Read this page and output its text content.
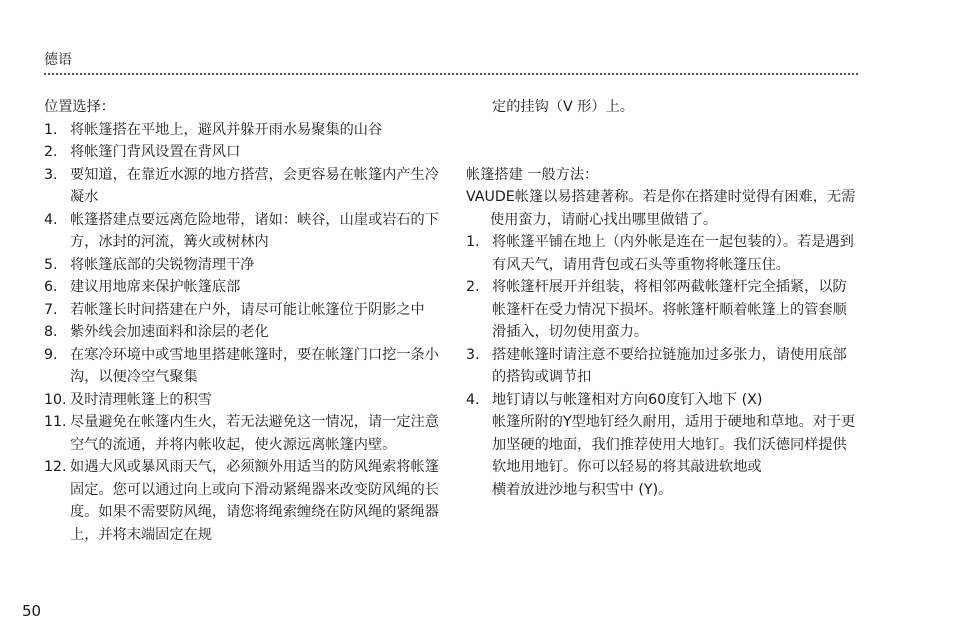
德语

位置选择：

1. 将帐篷搭在平地上，避风并躲开雨水易聚集的山谷
2. 将帐篷门背风设置在背风口
3. 要知道，在靠近水源的地方搭营，会更容易在帐篷内产生冷凝水
4. 帐篷搭建点要远离危险地带，诸如：峡谷，山崖或岩石的下方，冰封的河流，篝火或树林内
5. 将帐篷底部的尖锐物清理干净
6. 建议用地席来保护帐篷底部
7. 若帐篷长时间搭建在户外，请尽可能让帐篷位于阴影之中
8. 紫外线会加速面料和涂层的老化
9. 在寒冷环境中或雪地里搭建帐篷时，要在帐篷门口挖一条小沟，以便冷空气聚集
10. 及时清理帐篷上的积雪
11. 尽量避免在帐篷内生火，若无法避免这一情况，请一定注意空气的流通，并将内帐收起，使火源远离帐篷内壁。
12. 如遇大风或暴风雨天气，必须额外用适当的防风绳索将帐篷固定。您可以通过向上或向下滑动紧绳器来改变防风绳的长度。如果不需要防风绳，请您将绳索缠绕在防风绳的紧绳器上，并将末端固定在规

定的挂钩（V 形）上。

帐篷搭建 一般方法：

VAUDE帐篷以易搭建著称。若是你在搭建时觉得有困难，无需使用蛮力，请耐心找出哪里做错了。

1. 将帐篷平铺在地上（内外帐是连在一起包装的）。若是遇到有风天气，请用背包或石头等重物将帐篷压住。
2. 将帐篷杆展开并组装，将相邻两截帐篷杆完全插紧，以防帐篷杆在受力情况下损坏。将帐篷杆顺着帐篷上的管套顺滑插入，切勿使用蛮力。
3. 搭建帐篷时请注意不要给拉链施加过多张力，请使用底部的搭钩或调节扣
4. 地钉请以与帐篷相对方向60度钉入地下 (X)

帐篷所附的Y型地钉经久耐用，适用于硬地和草地。对于更加坚硬的地面，我们推荐使用大地钉。我们沃德同样提供软地用地钉。你可以轻易的将其敲进软地或

横着放进沙地与积雪中 (Y)。

50
